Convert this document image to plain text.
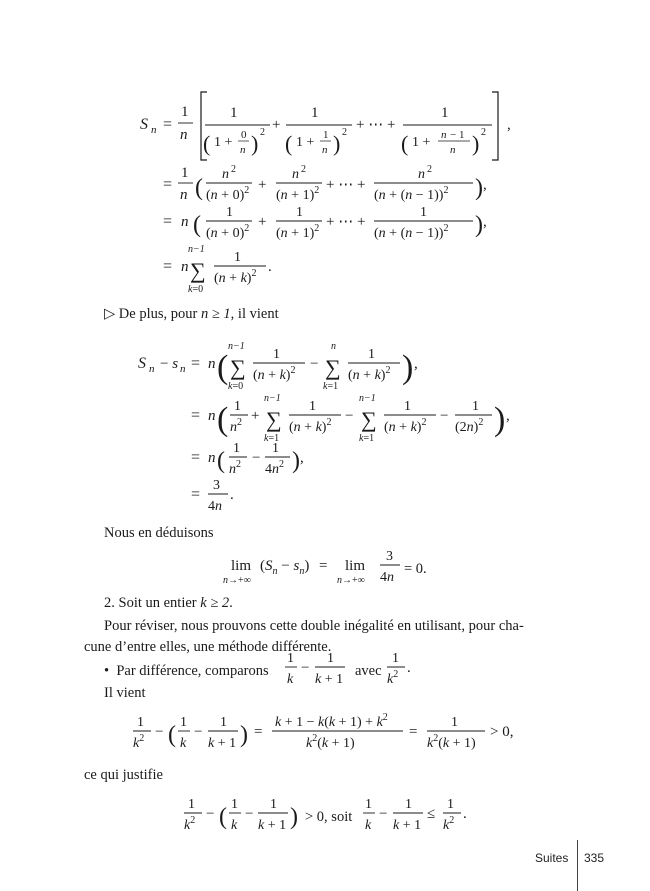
S n =
1
n
1
( 1 + 0
n ) 2 +
1
( 1 + 1
n ) 2 + ⋯ +
1
( 1 + n − 1
n ) 2 ,
=
1
n (
n 2
$(n + 0)^2$ +
n 2
$(n + 1)^2$ + ⋯ +
n 2
$(n + (n - 1))^2$ ) ,
= n ( 1
$(n + 0)^2$ +
1
$(n + 1)^2$ + ⋯ +
1
$(n + (n - 1))^2$ ) ,
= n
n−1
∑
k=0
1
$(n + k)^2$ .
S n − s n = n (
n−1
∑
k=0
1
$(n + k)^2$ −
n
∑
k=1
1
$(n + k)^2$ ) ,
= n ( 1
$n^2$ +
n−1
∑
k=1
1
$(n + k)^2$ −
n−1
∑
k=1
1
$(n + k)^2$ −
1
$(2n)^2$ ) ,
= n ( 1
$n^2$ −
1
$4n^2$ ) ,
=
3
4n
.
lim
n→+∞
$(S_n - s_n) = \lim$
n→+∞
3
4n
1
k
−
1
k + 1
1
$k^2$ .
1
$k^2$ − ( 1
k
−
1
k + 1 ) =
$k + 1 - k(k + 1) + k^2$
$k^2(k + 1)$
=
1
$k^2(k + 1)$
> 0,
1
$k^2$ − ( 1
k
−
1
k + 1 )	1
k
−
1
k + 1
≤
1
$k^2$ .
▷ De plus, pour n ≥ 1, il vient
Nous en déduisons
2. Soit un entier k ≥ 2.
Pour réviser, nous prouvons cette double inégalité en utilisant, pour cha-
cune d’entre elles, une méthode différente.
• Par différence, comparons	avec
Il vient
ce qui justifie
> 0, soit
= 0.
Suites 335
